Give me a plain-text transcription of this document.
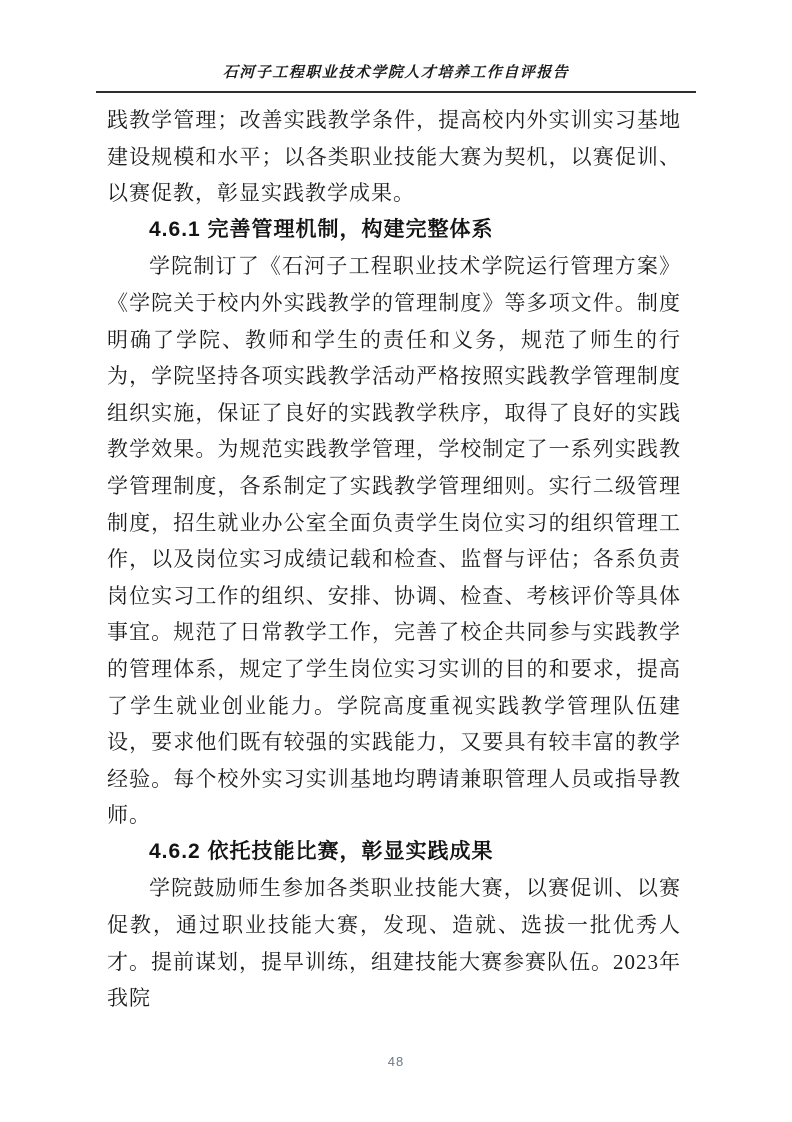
石河子工程职业技术学院人才培养工作自评报告

践教学管理；改善实践教学条件，提高校内外实训实习基地建设规模和水平；以各类职业技能大赛为契机，以赛促训、以赛促教，彰显实践教学成果。

4.6.1 完善管理机制，构建完整体系

学院制订了《石河子工程职业技术学院运行管理方案》《学院关于校内外实践教学的管理制度》等多项文件。制度明确了学院、教师和学生的责任和义务，规范了师生的行为，学院坚持各项实践教学活动严格按照实践教学管理制度组织实施，保证了良好的实践教学秩序，取得了良好的实践教学效果。为规范实践教学管理，学校制定了一系列实践教学管理制度，各系制定了实践教学管理细则。实行二级管理制度，招生就业办公室全面负责学生岗位实习的组织管理工作，以及岗位实习成绩记载和检查、监督与评估；各系负责岗位实习工作的组织、安排、协调、检查、考核评价等具体事宜。规范了日常教学工作，完善了校企共同参与实践教学的管理体系，规定了学生岗位实习实训的目的和要求，提高了学生就业创业能力。学院高度重视实践教学管理队伍建设，要求他们既有较强的实践能力，又要具有较丰富的教学经验。每个校外实习实训基地均聘请兼职管理人员或指导教师。

4.6.2 依托技能比赛，彰显实践成果

学院鼓励师生参加各类职业技能大赛，以赛促训、以赛促教，通过职业技能大赛，发现、造就、选拔一批优秀人才。提前谋划，提早训练，组建技能大赛参赛队伍。2023年我院

48
